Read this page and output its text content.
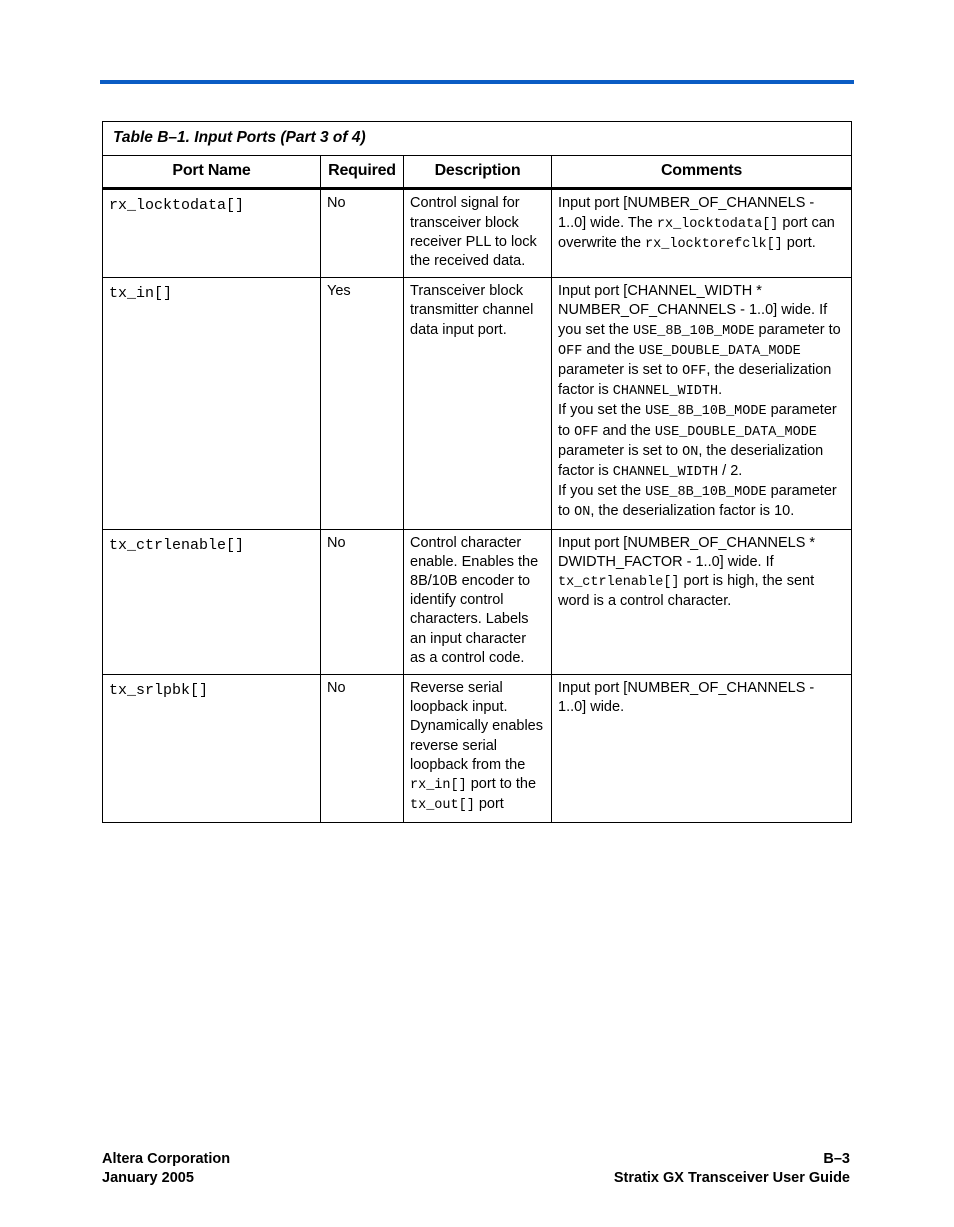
Table B–1. Input Ports (Part 3 of 4)			
Port Name	Required	Description	Comments
rx_locktodata[]	No	Control signal for transceiver block receiver PLL to lock the received data.	Input port [NUMBER_OF_CHANNELS - 1..0] wide. The rx_locktodata[] port can overwrite the rx_locktorefclk[] port.
tx_in[]	Yes	Transceiver block transmitter channel data input port.	Input port [CHANNEL_WIDTH * NUMBER_OF_CHANNELS - 1..0] wide. If you set the USE_8B_10B_MODE parameter to OFF and the USE_DOUBLE_DATA_MODE parameter is set to OFF, the deserialization factor is CHANNEL_WIDTH.
If you set the USE_8B_10B_MODE parameter to OFF and the USE_DOUBLE_DATA_MODE parameter is set to ON, the deserialization factor is CHANNEL_WIDTH / 2.
If you set the USE_8B_10B_MODE parameter to ON, the deserialization factor is 10.
tx_ctrlenable[]	No	Control character enable. Enables the 8B/10B encoder to identify control characters. Labels an input character as a control code.	Input port [NUMBER_OF_CHANNELS * DWIDTH_FACTOR - 1..0] wide. If tx_ctrlenable[] port is high, the sent word is a control character.
tx_srlpbk[]	No	Reverse serial loopback input. Dynamically enables reverse serial loopback from the rx_in[] port to the tx_out[] port	Input port [NUMBER_OF_CHANNELS - 1..0] wide.
Altera Corporation
January 2005
B–3
Stratix GX Transceiver User Guide
